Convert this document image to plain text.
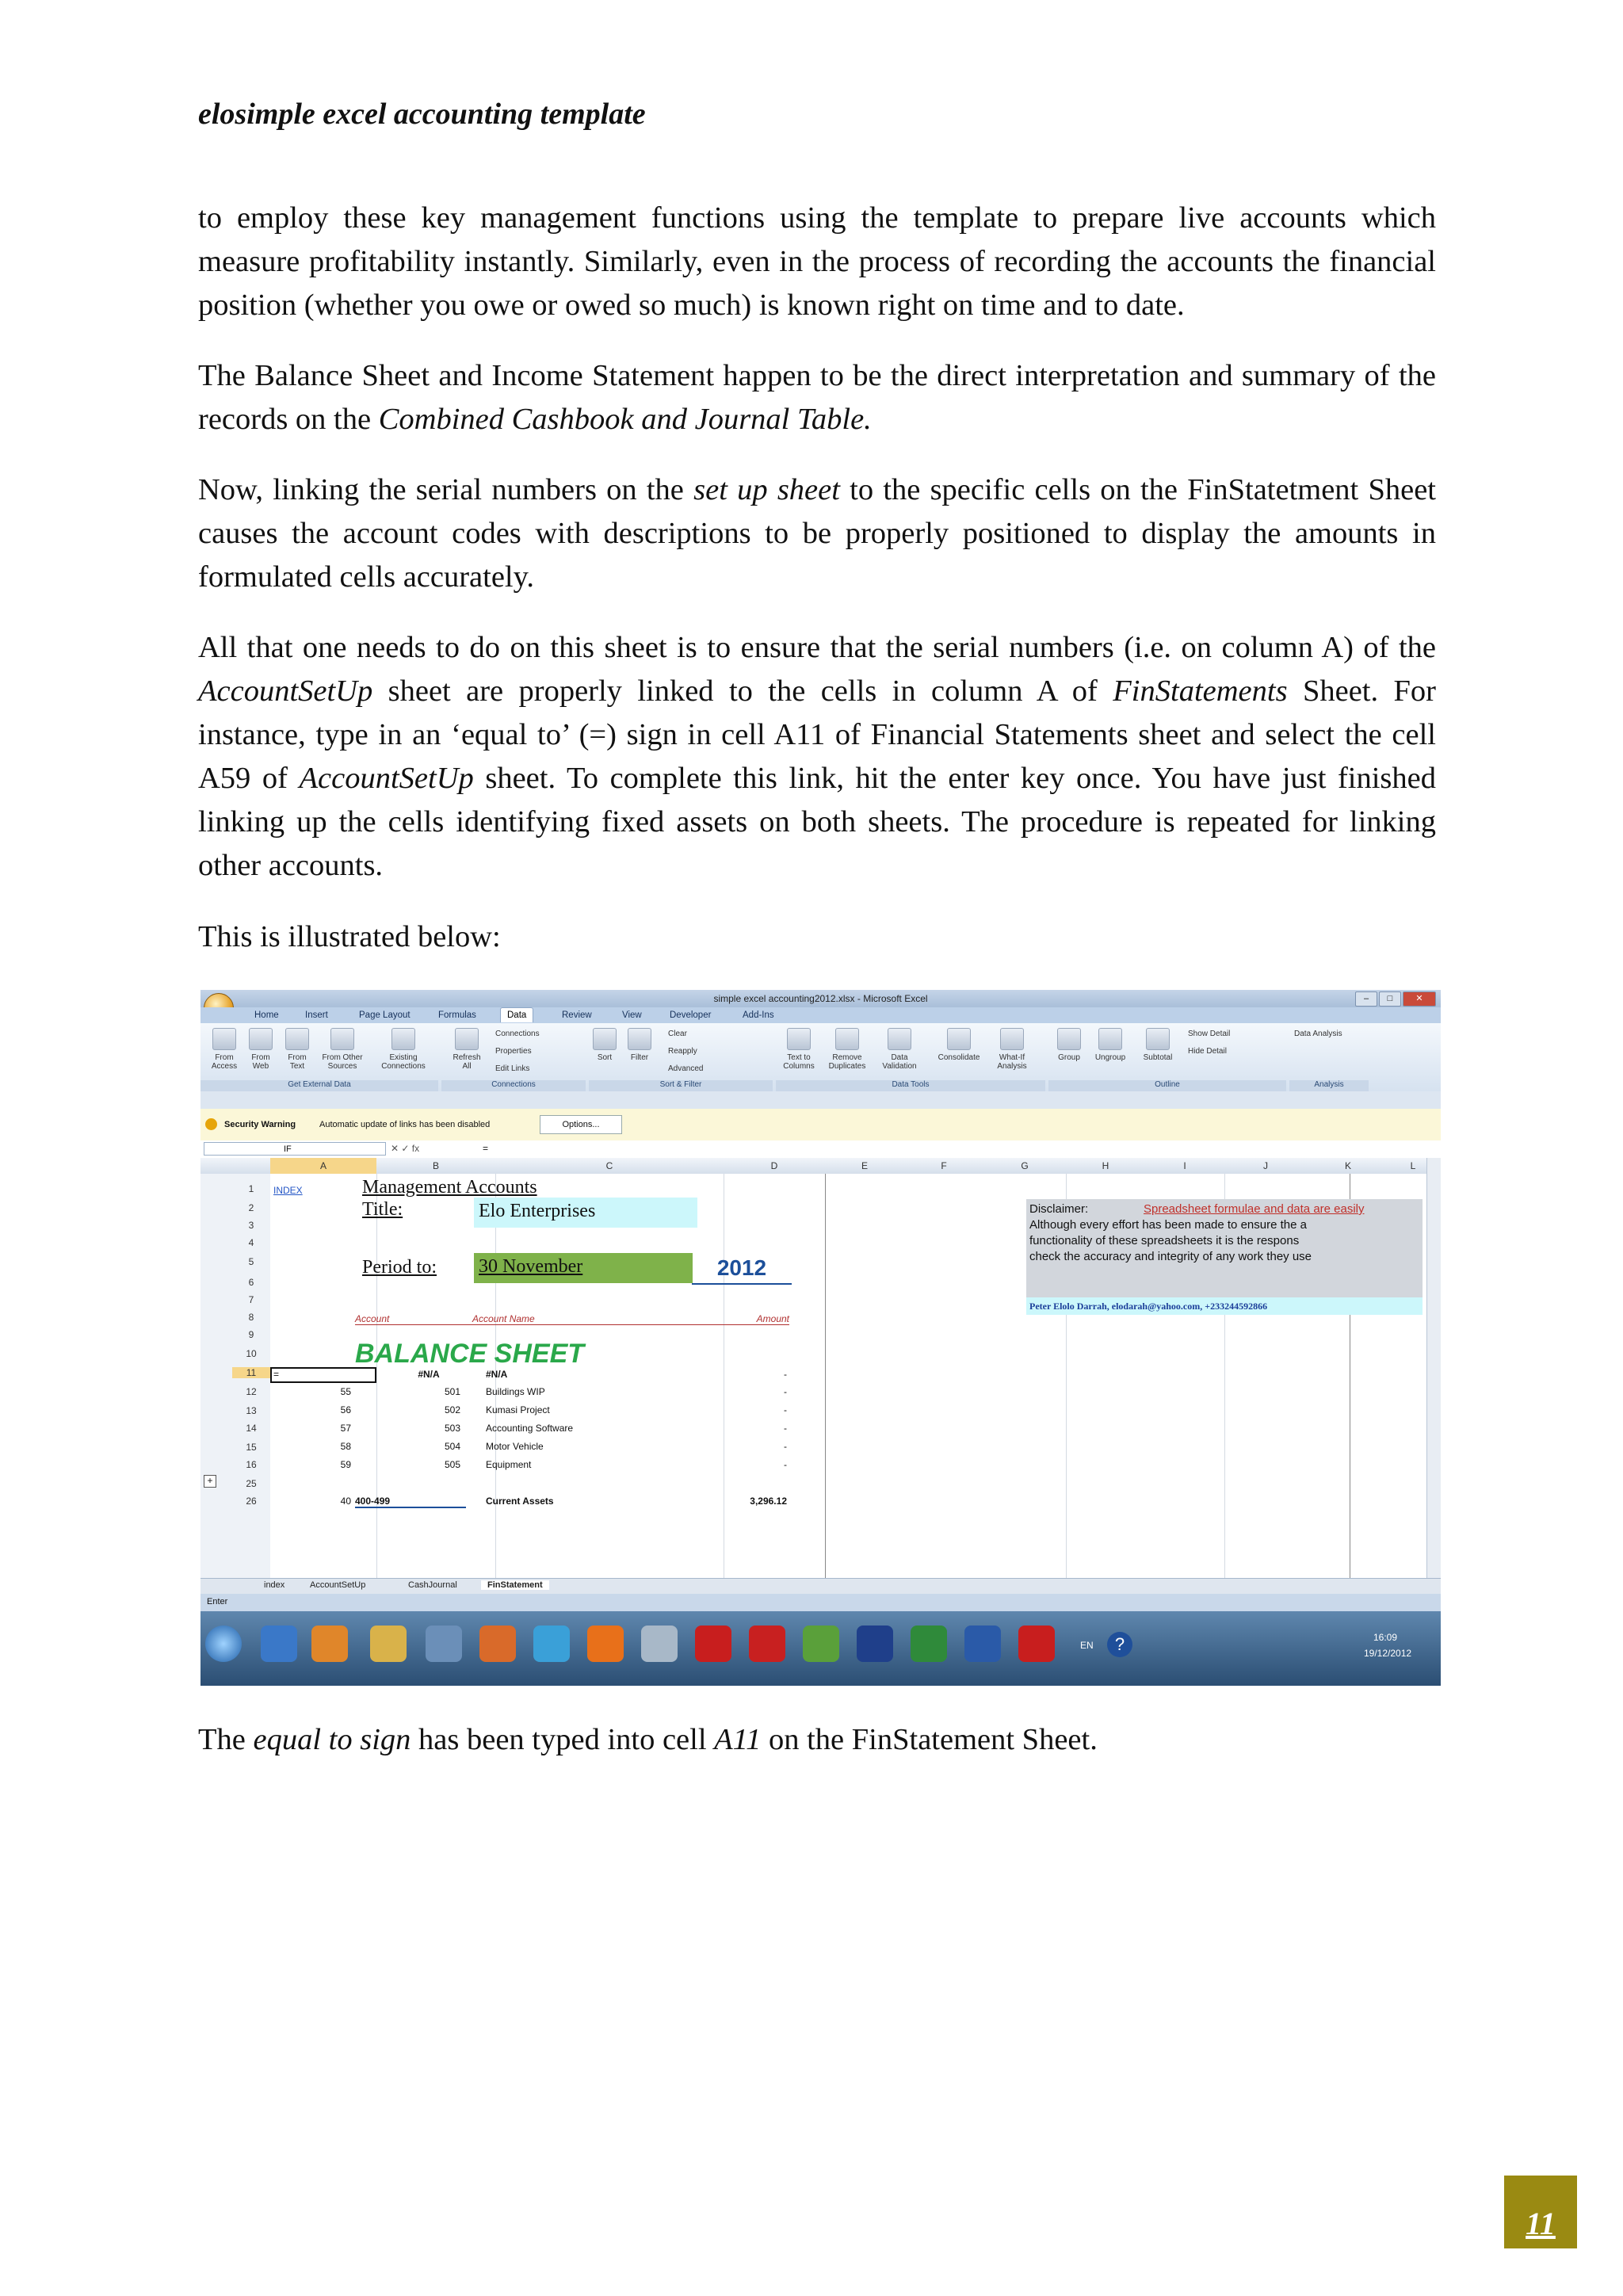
elosimple excel accounting template

to employ these key management functions using the template to prepare live accounts which measure profitability instantly. Similarly, even in the process of recording the accounts the financial position (whether you owe or owed so much) is known right on time and to date.

The Balance Sheet and Income Statement happen to be the direct interpretation and summary of the records on the Combined Cashbook and Journal Table.

Now, linking the serial numbers on the set up sheet to the specific cells on the FinStatetment Sheet causes the account codes with descriptions to be properly positioned to display the amounts in formulated cells accurately.

All that one needs to do on this sheet is to ensure that the serial numbers (i.e. on column A) of the AccountSetUp sheet are properly linked to the cells in column A of FinStatements Sheet. For instance, type in an ‘equal to’ (=) sign in cell A11 of Financial Statements sheet and select the cell A59 of AccountSetUp sheet. To complete this link, hit the enter key once. You have just finished linking up the cells identifying fixed assets on both sheets. The procedure is repeated for linking other accounts.

This is illustrated below:

simple excel accounting2012.xlsx - Microsoft Excel	–	□	✕
Home	Insert	Page Layout	Formulas	Data	Review	View	Developer	Add-Ins
From Access
From Web
From Text
From Other Sources
Existing Connections
Refresh All
Connections
Properties
Edit Links
Sort	Filter
Clear
Reapply
Advanced
Text to Columns
Remove Duplicates
Data Validation
Consolidate	What-If Analysis
Group	Ungroup	Subtotal
Show Detail
Hide Detail
Data Analysis
Get External Data	Connections	Sort & Filter	Data Tools	Outline	Analysis
Security Warning	Automatic update of links has been disabled	Options...
IF	✕ ✓ fx	=
A	B	C	D	E	F	G	H	I	J	K	L
1
2
3
4
5
6
7
8
9
10
11
12
13
14
15
16
25
26
+
INDEX	Management Accounts
Title:	Elo Enterprises
Period to: 30 November	2012
Account	Account Name	Amount
BALANCE SHEET
=	#N/A	#N/A	-
55	501	Buildings WIP	-
56	502	Kumasi Project	-
57	503	Accounting Software	-
58	504	Motor Vehicle	-
59	505	Equipment	-
40 400-499	Current Assets	3,296.12
Disclaimer:	Spreadsheet formulae and data are easily
Although every effort has been made to ensure the a
functionality of these spreadsheets it is the respons
check the accuracy and integrity of any work they use
Peter Elolo Darrah, elodarah@yahoo.com, +233244592866
index	AccountSetUp	CashJournal	FinStatement
Enter
EN	?	16:09
19/12/2012
The equal to sign has been typed into cell A11 on the FinStatement Sheet.
11
